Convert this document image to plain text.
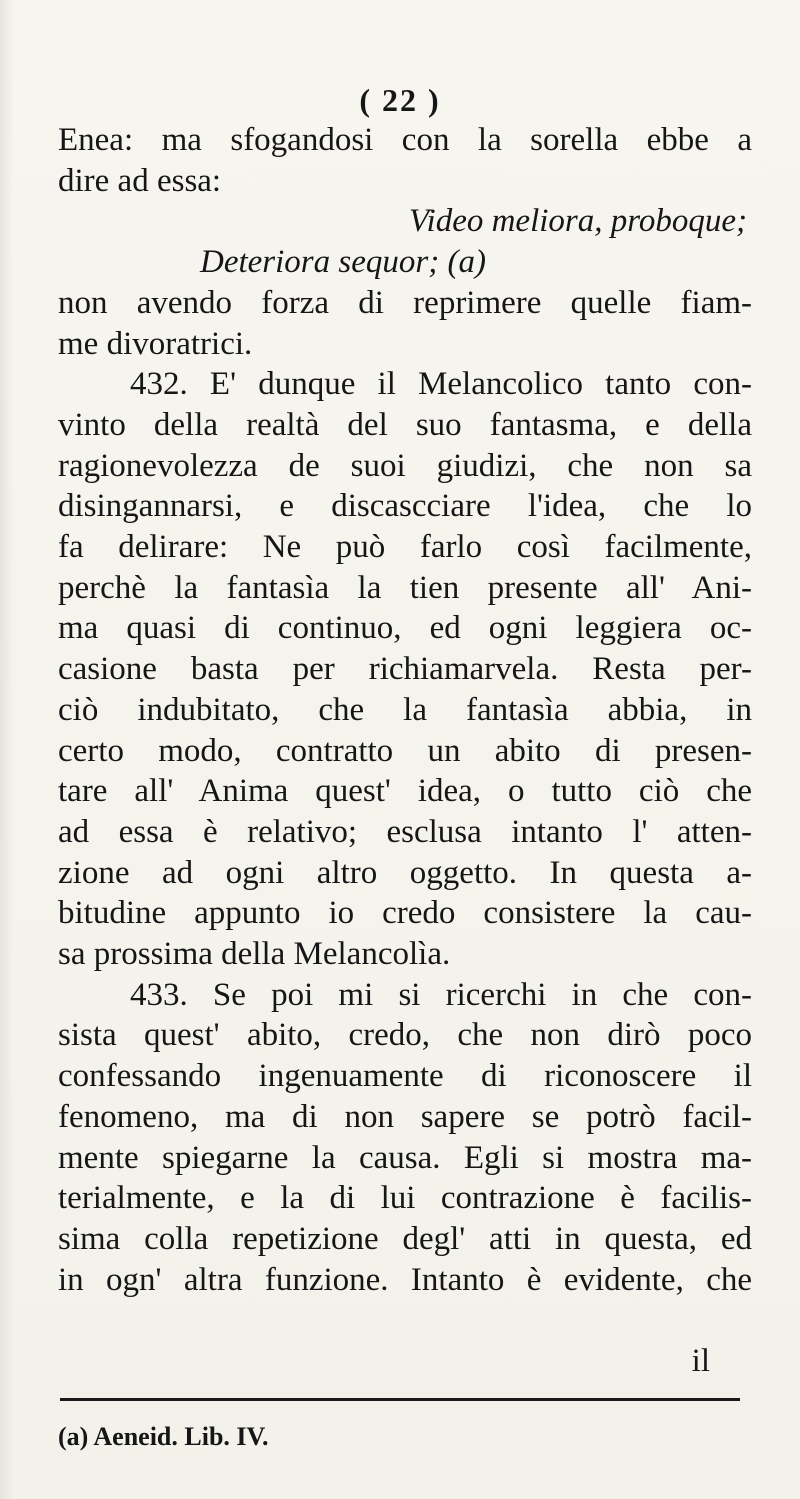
( 22 )
Enea: ma sfogandosi con la sorella ebbe a
dire ad essa:
Video meliora, proboque;
Deteriora sequor; (a)
non avendo forza di reprimere quelle fiam-
me divoratrici.
432. E' dunque il Melancolico tanto con-
vinto della realtà del suo fantasma, e della
ragionevolezza de suoi giudizi, che non sa
disingannarsi, e discascciare l'idea, che lo
fa delirare: Ne può farlo così facilmente,
perchè la fantasìa la tien presente all' Ani-
ma quasi di continuo, ed ogni leggiera oc-
casione basta per richiamarvela. Resta per-
ciò indubitato, che la fantasìa abbia, in
certo modo, contratto un abito di presen-
tare all' Anima quest' idea, o tutto ciò che
ad essa è relativo; esclusa intanto l' atten-
zione ad ogni altro oggetto. In questa a-
bitudine appunto io credo consistere la cau-
sa prossima della Melancolìa.
433. Se poi mi si ricerchi in che con-
sista quest' abito, credo, che non dirò poco
confessando ingenuamente di riconoscere il
fenomeno, ma di non sapere se potrò facil-
mente spiegarne la causa. Egli si mostra ma-
terialmente, e la di lui contrazione è facilis-
sima colla repetizione degl' atti in questa, ed
in ogn' altra funzione. Intanto è evidente, che
il
(a) Aeneid. Lib. IV.
